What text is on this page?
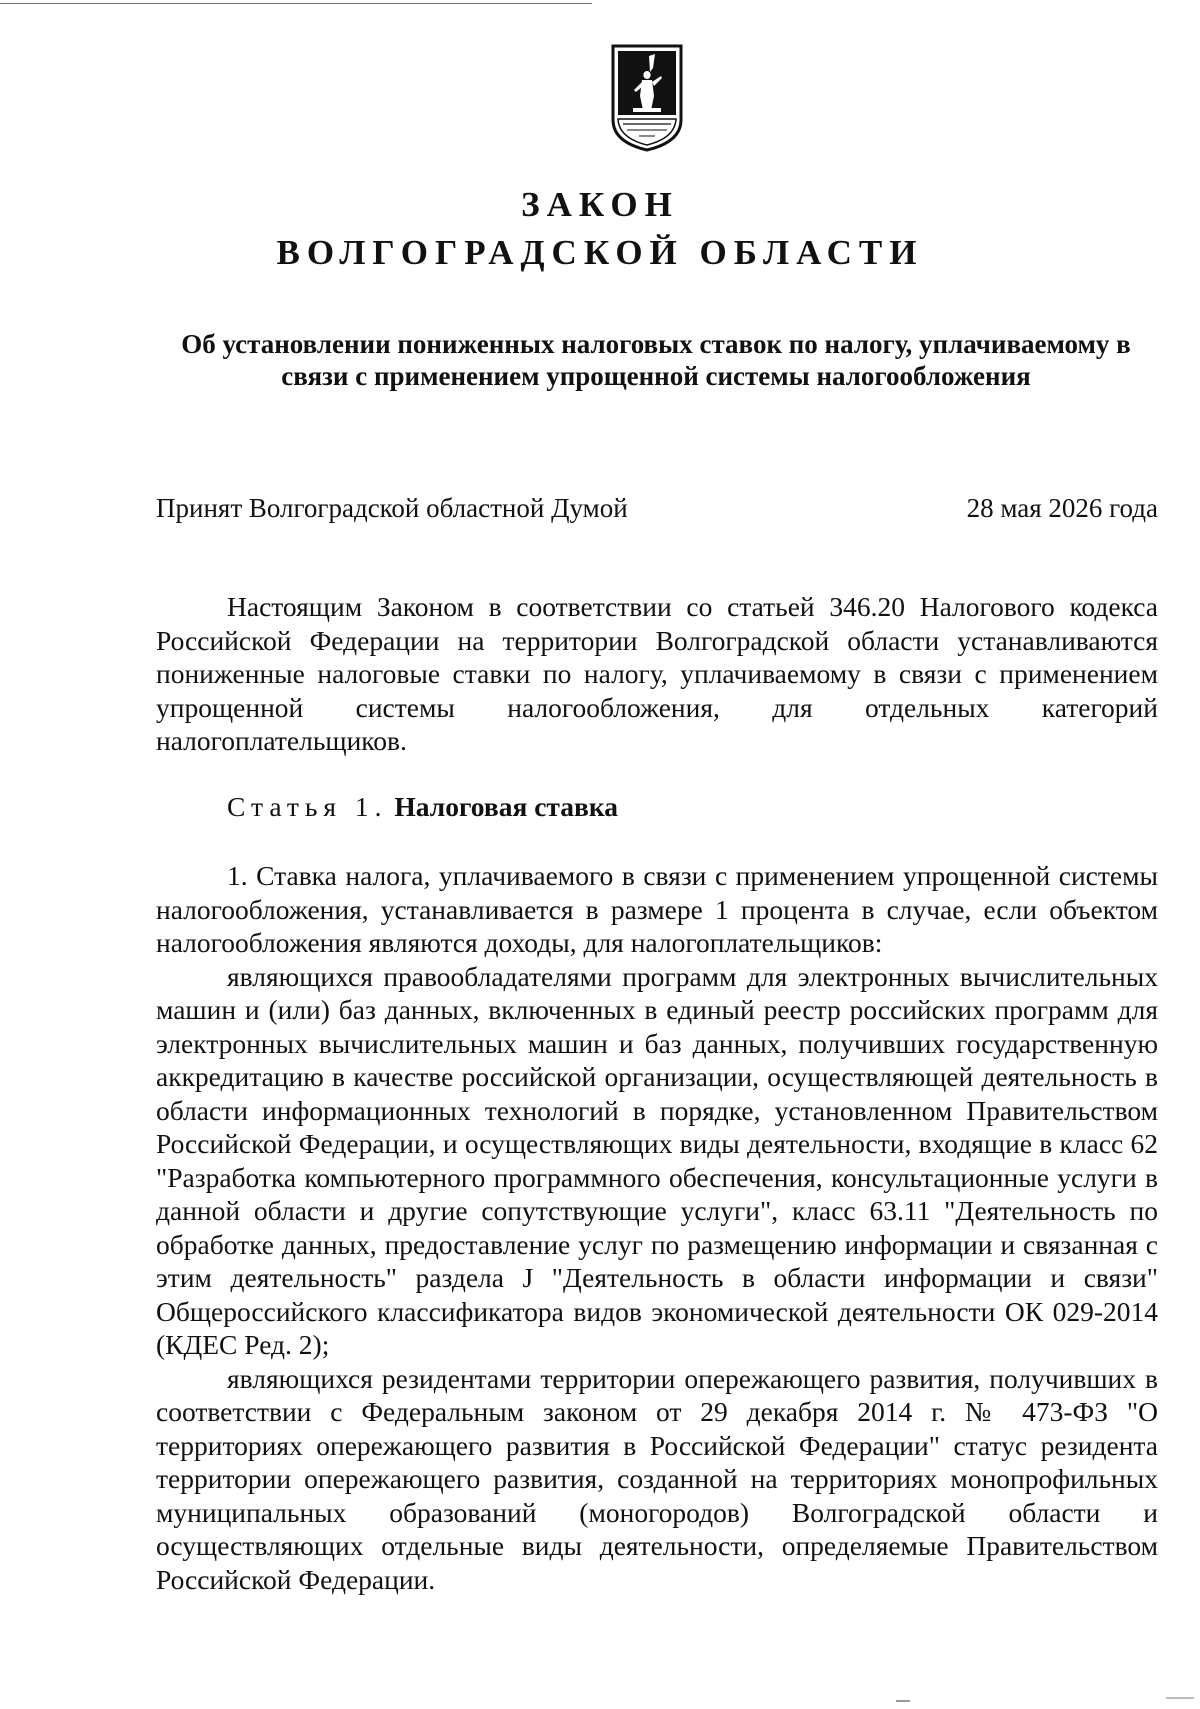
ЗАКОН
ВОЛГОГРАДСКОЙ ОБЛАСТИ
Об установлении пониженных налоговых ставок по налогу, уплачиваемому в связи с применением упрощенной системы налогообложения
Принят Волгоградской областной Думой	28 мая 2026 года

Настоящим Законом в соответствии со статьей 346.20 Налогового кодекса Российской Федерации на территории Волгоградской области устанавливаются пониженные налоговые ставки по налогу, уплачиваемому в связи с применением упрощенной системы налогообложения, для отдельных категорий налогоплательщиков.

Статья 1. Налоговая ставка

1. Ставка налога, уплачиваемого в связи с применением упрощенной системы налогообложения, устанавливается в размере 1 процента в случае, если объектом налогообложения являются доходы, для налогоплательщиков:

являющихся правообладателями программ для электронных вычислительных машин и (или) баз данных, включенных в единый реестр российских программ для электронных вычислительных машин и баз данных, получивших государственную аккредитацию в качестве российской организации, осуществляющей деятельность в области информационных технологий в порядке, установленном Правительством Российской Федерации, и осуществляющих виды деятельности, входящие в класс 62 "Разработка компьютерного программного обеспечения, консультационные услуги в данной области и другие сопутствующие услуги", класс 63.11 "Деятельность по обработке данных, предоставление услуг по размещению информации и связанная с этим деятельность" раздела J "Деятельность в области информации и связи" Общероссийского классификатора видов экономической деятельности ОК 029-2014 (КДЕС Ред. 2);

являющихся резидентами территории опережающего развития, получивших в соответствии с Федеральным законом от 29 декабря 2014 г. № 473-ФЗ "О территориях опережающего развития в Российской Федерации" статус резидента территории опережающего развития, созданной на территориях монопрофильных муниципальных образований (моногородов) Волгоградской области и осуществляющих отдельные виды деятельности, определяемые Правительством Российской Федерации.
